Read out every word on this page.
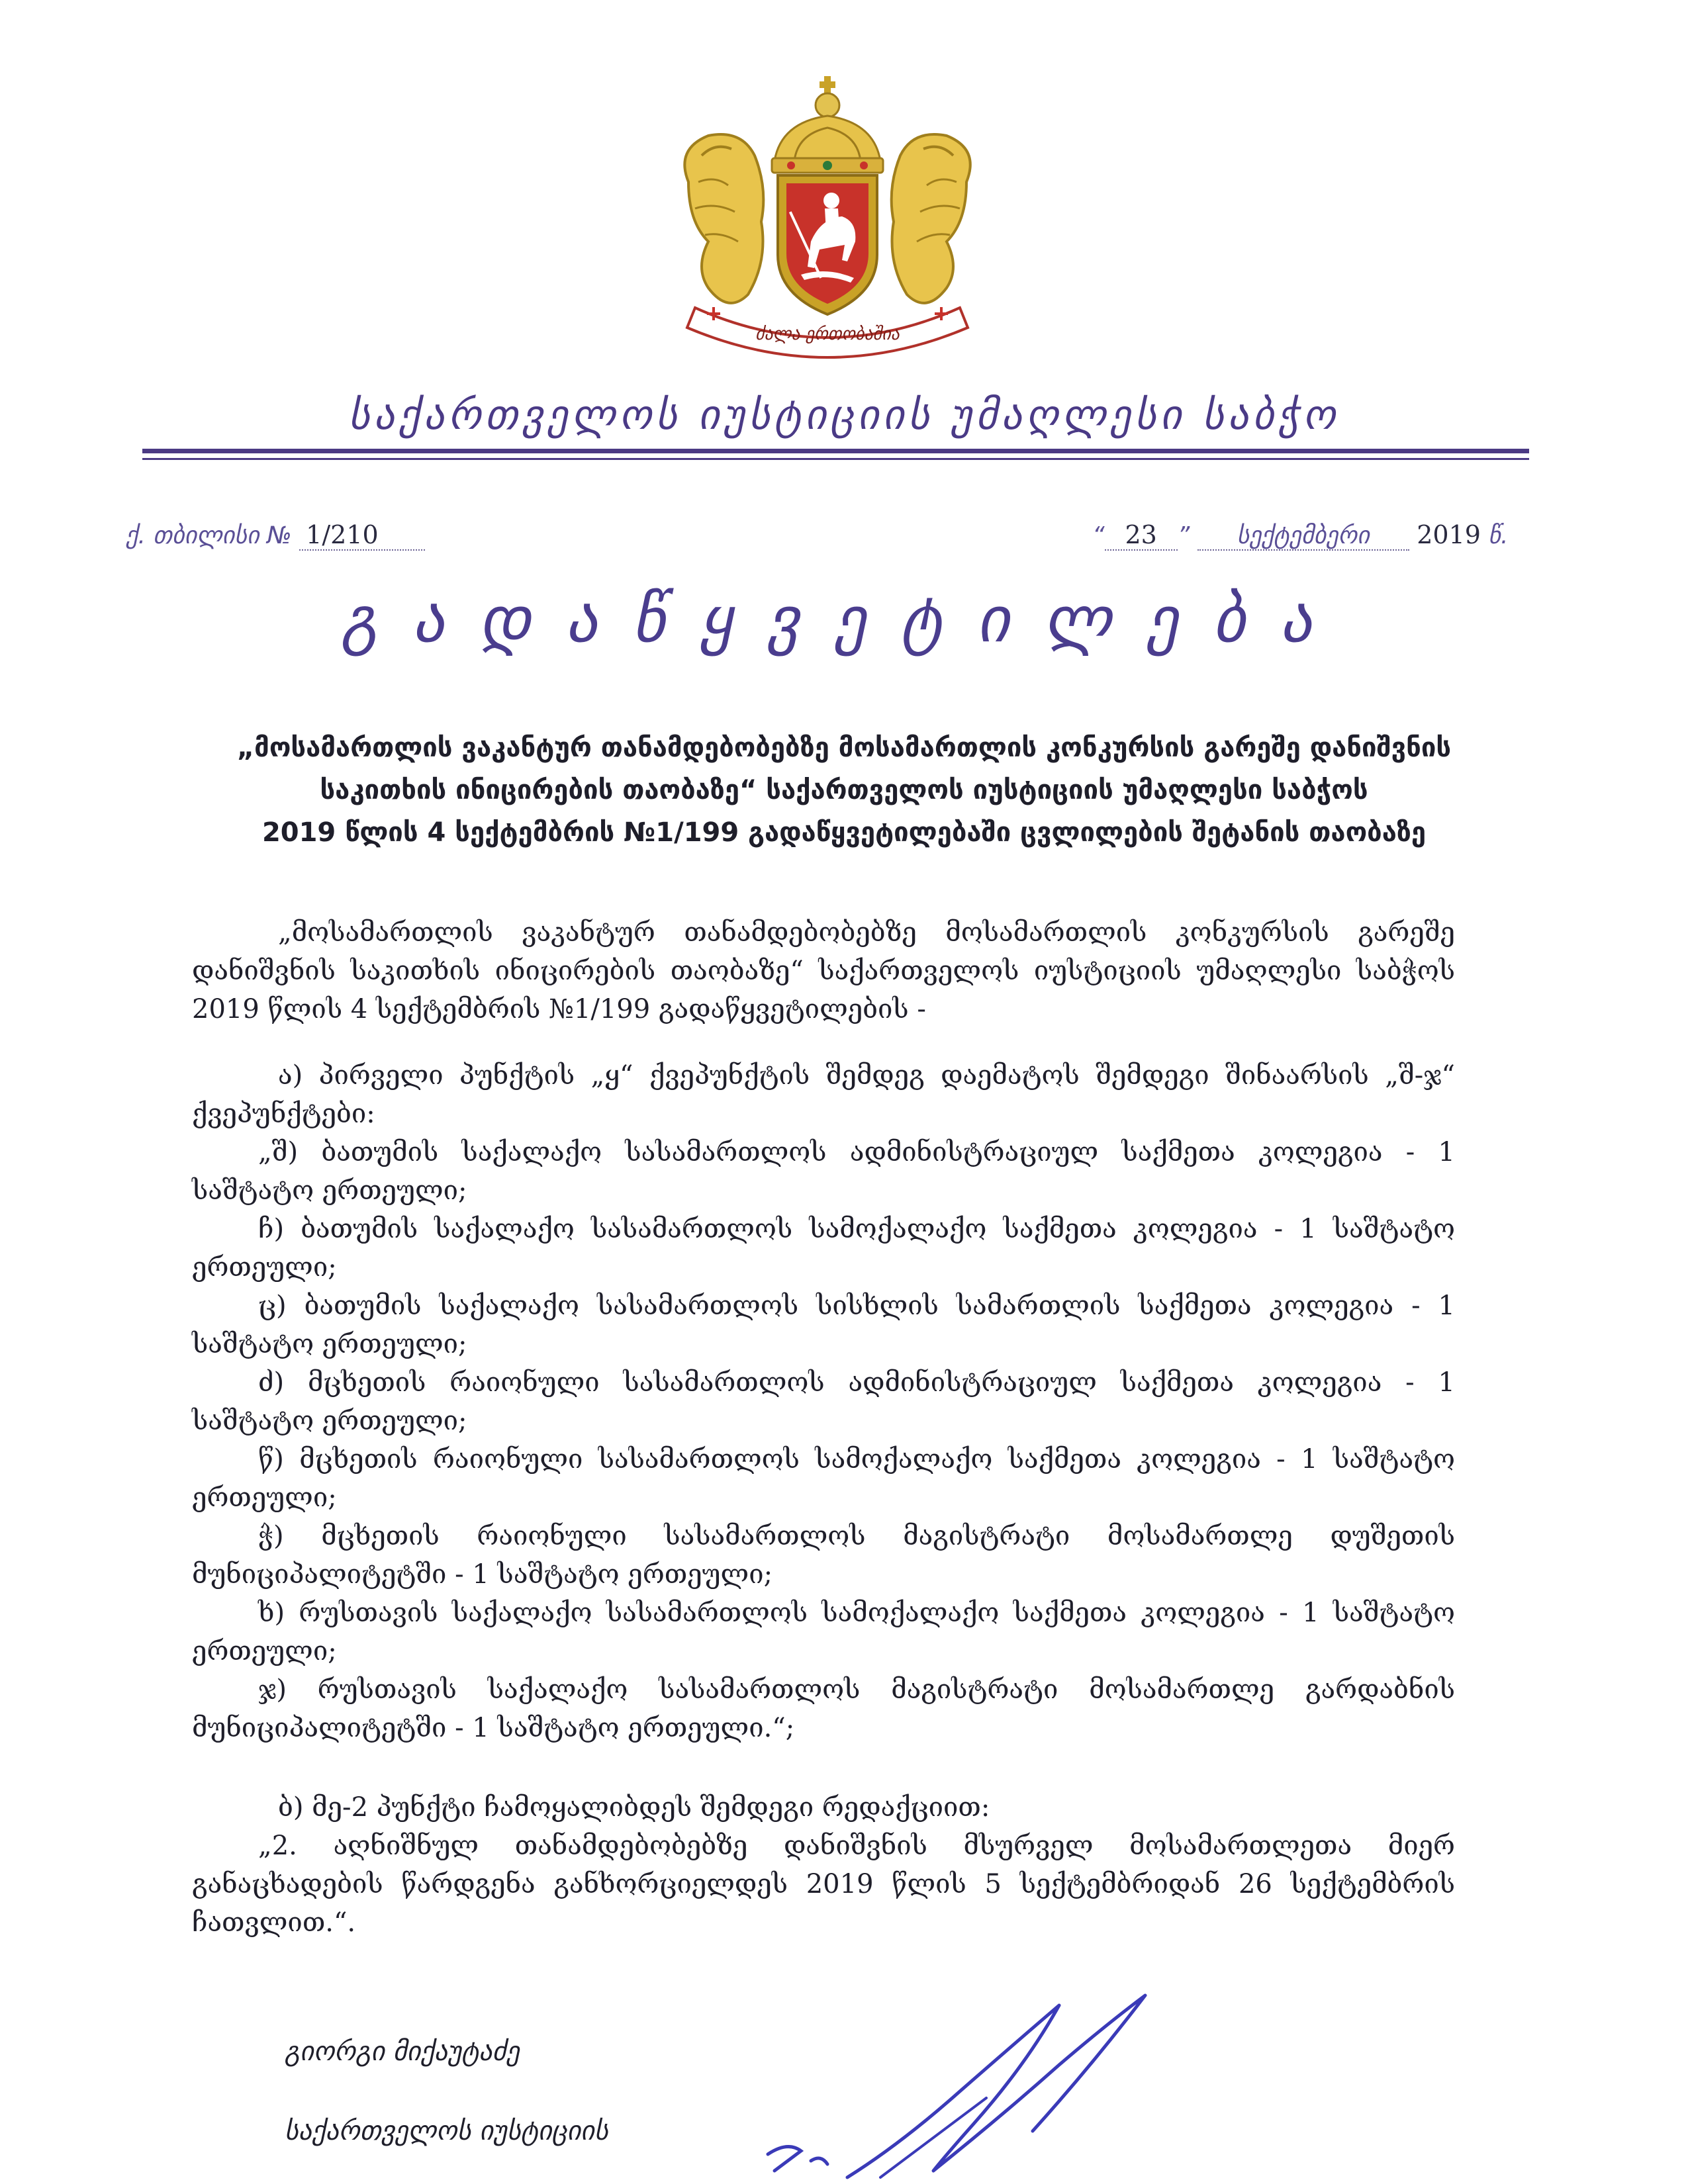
ძალა ერთობაშია
საქართველოს იუსტიციის უმაღლესი საბჭო
ქ. თბილისი № 1/210	“ 23 ” სექტემბერი 2019 წ.
გადაწყვეტილება
„მოსამართლის ვაკანტურ თანამდებობებზე მოსამართლის კონკურსის გარეშე დანიშვნის
საკითხის ინიცირების თაობაზე“ საქართველოს იუსტიციის უმაღლესი საბჭოს
2019 წლის 4 სექტემბრის №1/199 გადაწყვეტილებაში ცვლილების შეტანის თაობაზე

„მოსამართლის ვაკანტურ თანამდებობებზე მოსამართლის კონკურსის გარეშე დანიშვნის საკითხის ინიცირების თაობაზე“ საქართველოს იუსტიციის უმაღლესი საბჭოს 2019 წლის 4 სექტემბრის №1/199 გადაწყვეტილების -

ა) პირველი პუნქტის „ყ“ ქვეპუნქტის შემდეგ დაემატოს შემდეგი შინაარსის „შ-ჯ“ ქვეპუნქტები:

„შ) ბათუმის საქალაქო სასამართლოს ადმინისტრაციულ საქმეთა კოლეგია - 1 საშტატო ერთეული;

ჩ) ბათუმის საქალაქო სასამართლოს სამოქალაქო საქმეთა კოლეგია - 1 საშტატო ერთეული;

ც) ბათუმის საქალაქო სასამართლოს სისხლის სამართლის საქმეთა კოლეგია - 1 საშტატო ერთეული;

ძ) მცხეთის რაიონული სასამართლოს ადმინისტრაციულ საქმეთა კოლეგია - 1 საშტატო ერთეული;

წ) მცხეთის რაიონული სასამართლოს სამოქალაქო საქმეთა კოლეგია - 1 საშტატო ერთეული;

ჭ) მცხეთის რაიონული სასამართლოს მაგისტრატი მოსამართლე დუშეთის მუნიციპალიტეტში - 1 საშტატო ერთეული;

ხ) რუსთავის საქალაქო სასამართლოს სამოქალაქო საქმეთა კოლეგია - 1 საშტატო ერთეული;

ჯ) რუსთავის საქალაქო სასამართლოს მაგისტრატი მოსამართლე გარდაბნის მუნიციპალიტეტში - 1 საშტატო ერთეული.“;

ბ) მე-2 პუნქტი ჩამოყალიბდეს შემდეგი რედაქციით:

„2. აღნიშნულ თანამდებობებზე დანიშვნის მსურველ მოსამართლეთა მიერ განაცხადების წარდგენა განხორციელდეს 2019 წლის 5 სექტემბრიდან 26 სექტემბრის ჩათვლით.“.

გიორგი მიქაუტაძე
საქართველოს იუსტიციის
